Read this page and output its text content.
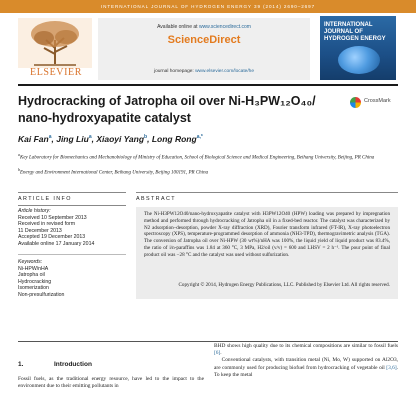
INTERNATIONAL JOURNAL OF HYDROGEN ENERGY 39 (2014) 2690–2697
ELSEVIER
Available online at www.sciencedirect.com
ScienceDirect
journal homepage: www.elsevier.com/locate/he
INTERNATIONAL JOURNAL OF HYDROGEN ENERGY
Hydrocracking of Jatropha oil over Ni-H₃PW₁₂O₄₀/
nano-hydroxyapatite catalyst
CrossMark
Kai Fan$^a$, Jing Liu$^a$, Xiaoyi Yang$^b$, Long Rong$^{a,*}$
$^a$Key Laboratory for Biomechanics and Mechanobiology of Ministry of Education, School of Biological Science and Medical Engineering, Beihang University, Beijing, PR China
$^b$Energy and Environment International Center, Beihang University, Beijing 100191, PR China
ARTICLE INFO	ABSTRACT
Article history:
Received 10 September 2013
Received in revised form
11 December 2013
Accepted 19 December 2013
Available online 17 January 2014
Keywords:
Ni-HPW/nHA
Jatropha oil
Hydrocracking
Isomerization
Non-presulfurization
The Ni-H3PW12O40/nano-hydroxyapatite catalyst with H3PW12O40 (HPW) loading was prepared by impregnation method and performed through hydrocracking of Jatropha oil in a fixed-bed reactor. The catalyst was characterized by N2 adsorption–desorption, powder X-ray diffraction (XRD), Fourier transform infrared (FT-IR), X-ray photoelectron spectroscopy (XPS), temperature-programmed desorption of ammonia (NH3-TPD), thermogravimetric analysis (TGA). The conversion of Jatropha oil over Ni-HPW (30 wt%)/nHA was 100%, the liquid yield of liquid product was 83.4%, the ratio of i/n-paraffins was 1.84 at 360 °C, 3 MPa, H2/oil (v/v) = 600 and LHSV = 2 h⁻¹. The pour point of final product oil was −28 °C and the catalyst was used without sulfurization.
Copyright © 2014, Hydrogen Energy Publications, LLC. Published by Elsevier Ltd. All rights reserved.
BHD shows high quality due to its chemical compositions are similar to fossil fuels [6].
Conventional catalysts, with transition metal (Ni, Mo, W) supported on Al2O3, are commonly used for producing biofuel from hydrocracking of vegetable oil [3,6]. To keep the metal
1.	Introduction
Fossil fuels, as the traditional energy resource, have led to the impact to the environment due to their emitting pollutants in
